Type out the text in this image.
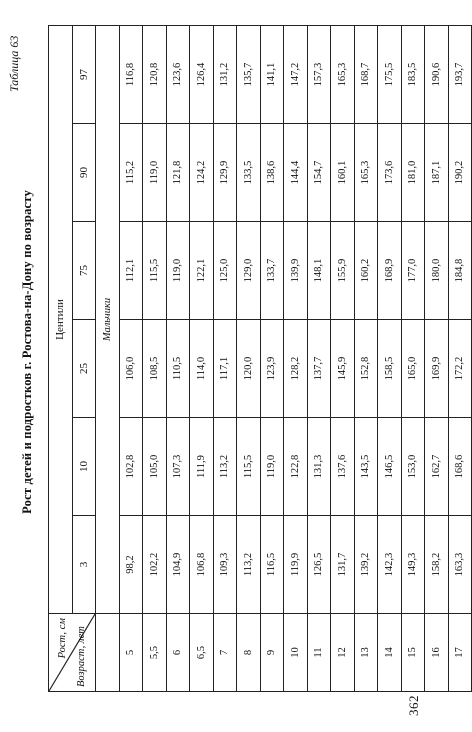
362
Таблица 63
Рост детей и подростков г. Ростова-на-Дону по возрасту
Рост, см Возраст, лет	Центили					
	3	10	25	75	90	97
	Мальчики					
5	98,2	102,8	106,0	112,1	115,2	116,8
5,5	102,2	105,0	108,5	115,5	119,0	120,8
6	104,9	107,3	110,5	119,0	121,8	123,6
6,5	106,8	111,9	114,0	122,1	124,2	126,4
7	109,3	113,2	117,1	125,0	129,9	131,2
8	113,2	115,5	120,0	129,0	133,5	135,7
9	116,5	119,0	123,9	133,7	138,6	141,1
10	119,9	122,8	128,2	139,9	144,4	147,2
11	126,5	131,3	137,7	148,1	154,7	157,3
12	131,7	137,6	145,9	155,9	160,1	165,3
13	139,2	143,5	152,8	160,2	165,3	168,7
14	142,3	146,5	158,5	168,9	173,6	175,5
15	149,3	153,0	165,0	177,0	181,0	183,5
16	158,2	162,7	169,9	180,0	187,1	190,6
17	163,3	168,6	172,2	184,8	190,2	193,7
